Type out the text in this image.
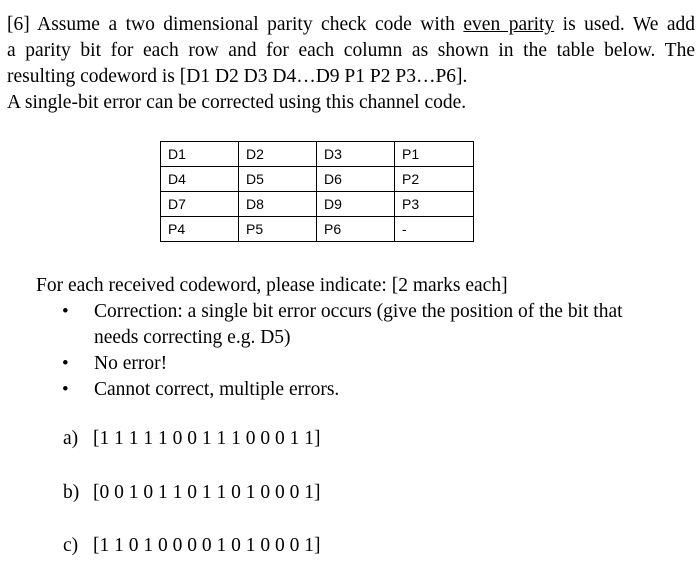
[6] Assume a two dimensional parity check code with even parity is used. We add
a parity bit for each row and for each column as shown in the table below. The
resulting codeword is [D1 D2 D3 D4…D9 P1 P2 P3…P6].
A single-bit error can be corrected using this channel code.
D1	D2	D3	P1
D4	D5	D6	P2
D7	D8	D9	P3
P4	P5	P6	-
For each received codeword, please indicate: [2 marks each]
• Correction: a single bit error occurs (give the position of the bit that needs correcting e.g. D5)
• No error!
• Cannot correct, multiple errors.
a) [1 1 1 1 1 0 0 1 1 1 0 0 0 1 1]
b) [0 0 1 0 1 1 0 1 1 0 1 0 0 0 1]
c) [1 1 0 1 0 0 0 0 1 0 1 0 0 0 1]
